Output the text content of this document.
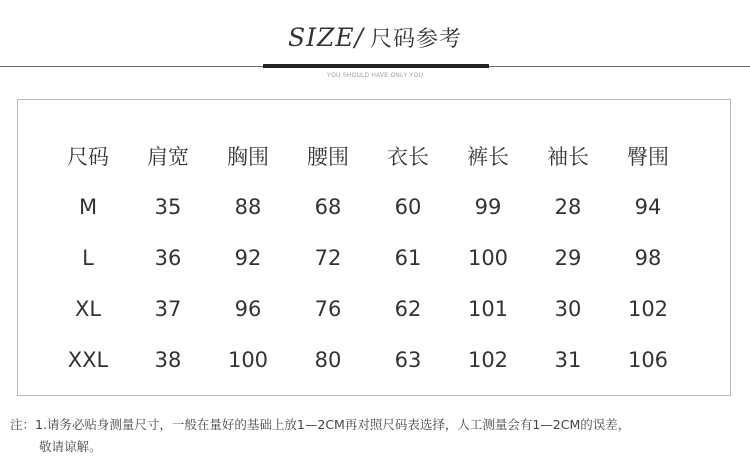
SIZE/ 尺码参考
YOU SHOULD HAVE ONLY YOU
尺码	肩宽	胸围	腰围	衣长	裤长	袖长	臀围
M	35	88	68	60	99	28	94
L	36	92	72	61	100	29	98
XL	37	96	76	62	101	30	102
XXL	38	100	80	63	102	31	106
注：1.请务必贴身测量尺寸，一般在量好的基础上放1—2CM再对照尺码表选择，人工测量会有1—2CM的误差，
敬请谅解。
